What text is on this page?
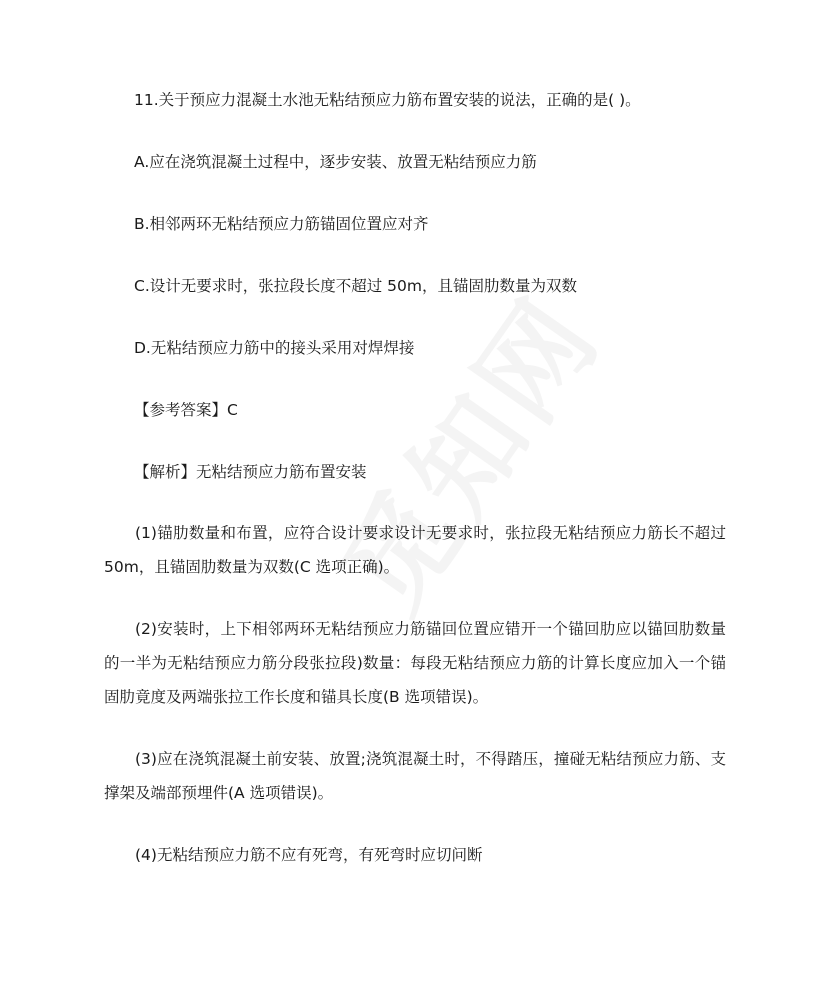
11.关于预应力混凝土水池无粘结预应力筋布置安装的说法，正确的是( )。
A.应在浇筑混凝土过程中，逐步安装、放置无粘结预应力筋
B.相邻两环无粘结预应力筋锚固位置应对齐
C.设计无要求时，张拉段长度不超过 50m，且锚固肋数量为双数
D.无粘结预应力筋中的接头采用对焊焊接
【参考答案】C
【解析】无粘结预应力筋布置安装
(1)锚肋数量和布置，应符合设计要求设计无要求时，张拉段无粘结预应力筋长不超过 50m，且锚固肋数量为双数(C 选项正确)。
(2)安装时，上下相邻两环无粘结预应力筋锚回位置应错开一个锚回肋应以锚回肋数量的一半为无粘结预应力筋分段张拉段)数量：每段无粘结预应力筋的计算长度应加入一个锚固肋竟度及两端张拉工作长度和锚具长度(B 选项错误)。
(3)应在浇筑混凝土前安装、放置;浇筑混凝土时，不得踏压，撞碰无粘结预应力筋、支撑架及端部预埋件(A 选项错误)。
(4)无粘结预应力筋不应有死弯，有死弯时应切问断
